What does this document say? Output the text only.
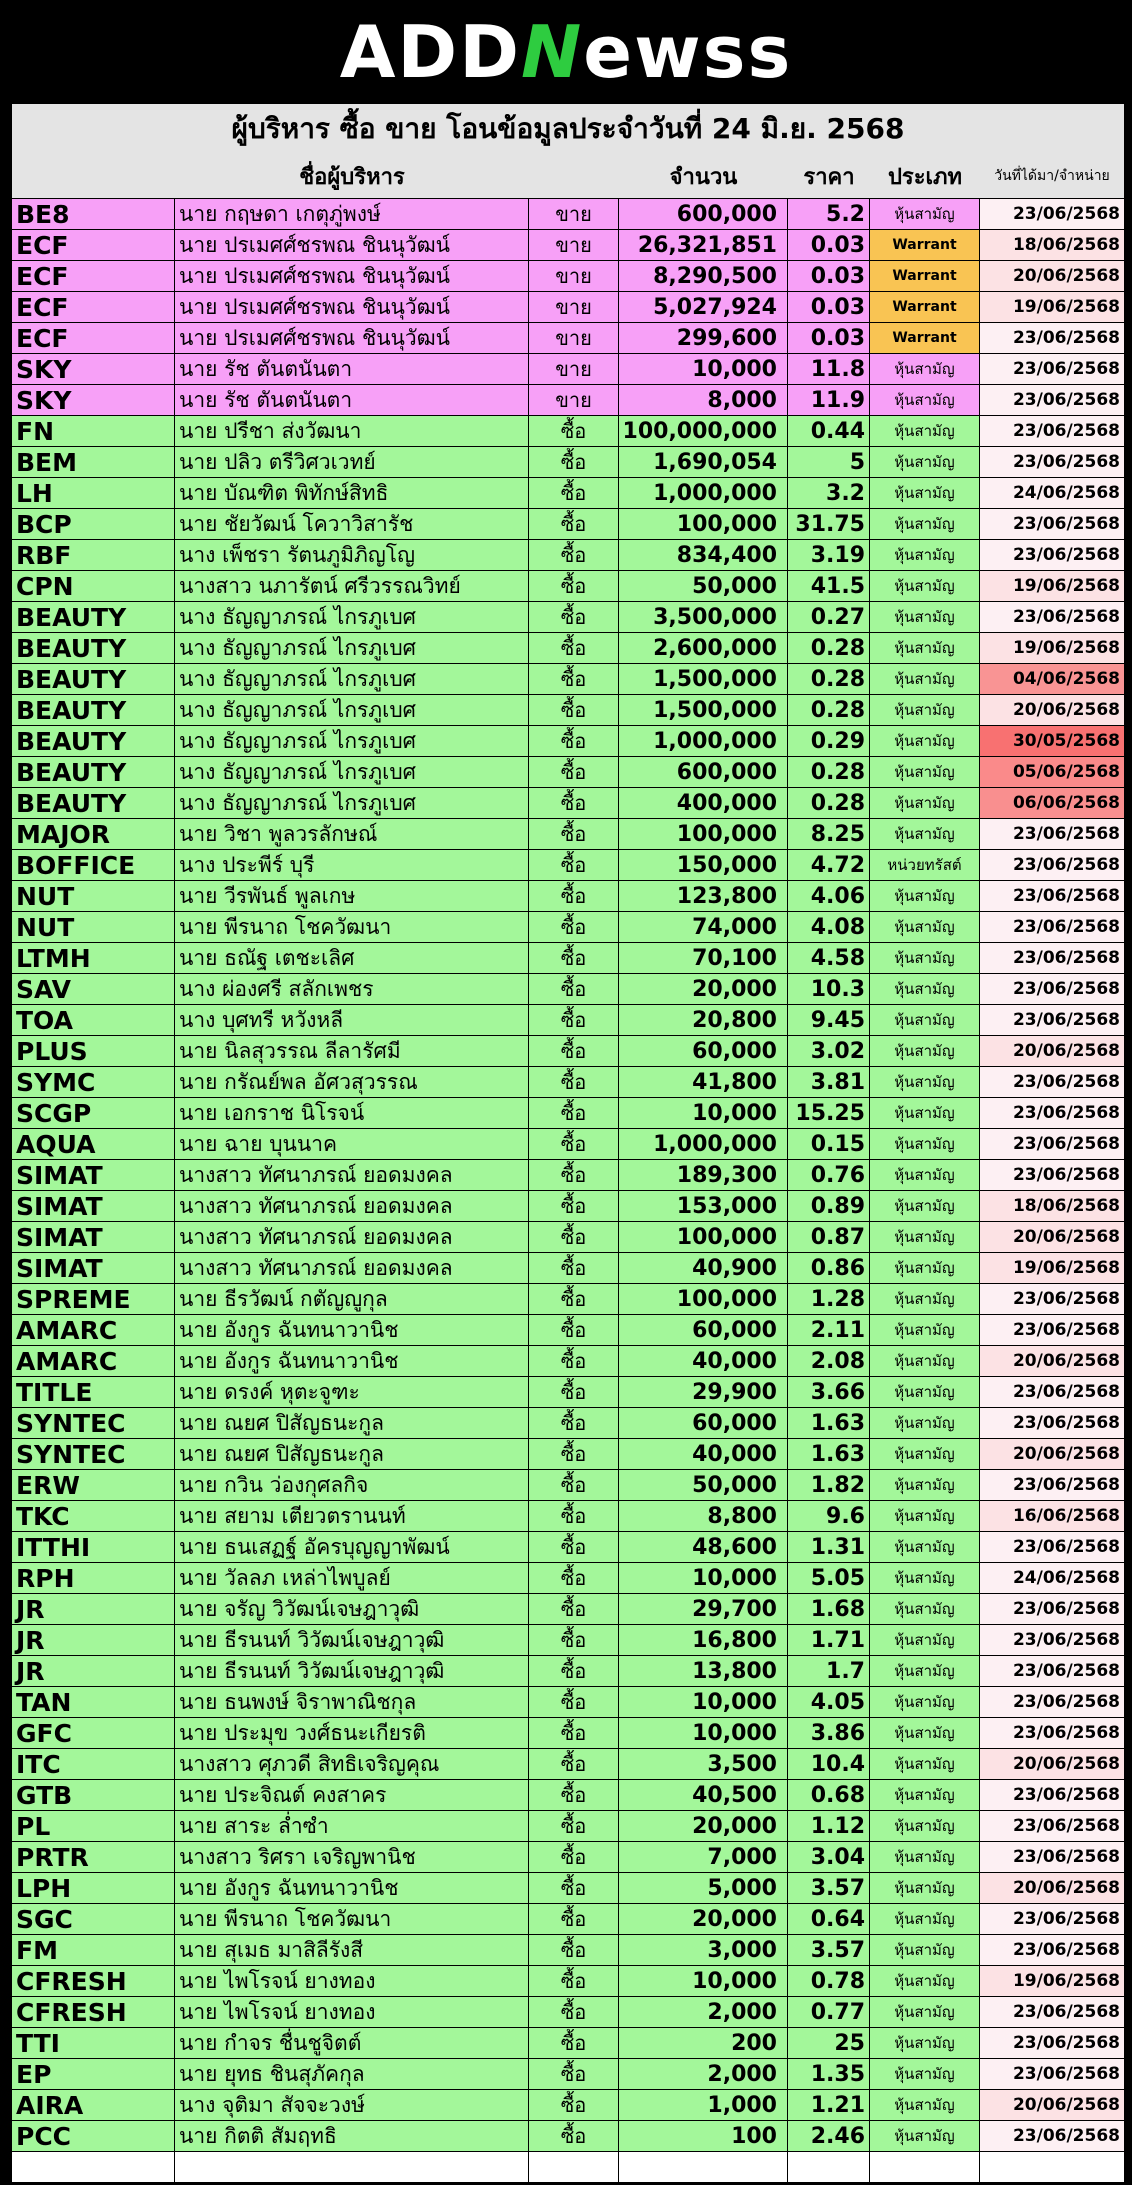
ADDNewss
ผู้บริหาร ซื้อ ขาย โอนข้อมูลประจำวันที่ 24 มิ.ย. 2568
ชื่อผู้บริหาร	จำนวน	ราคา	ประเภท	วันที่ได้มา/จำหน่าย
BE8	นาย กฤษดา เกตุภู่พงษ์	ขาย	600,000	5.2	หุ้นสามัญ	23/06/2568
ECF	นาย ปรเมศศ์ชรพณ ชินนุวัฒน์	ขาย	26,321,851	0.03	Warrant	18/06/2568
ECF	นาย ปรเมศศ์ชรพณ ชินนุวัฒน์	ขาย	8,290,500	0.03	Warrant	20/06/2568
ECF	นาย ปรเมศศ์ชรพณ ชินนุวัฒน์	ขาย	5,027,924	0.03	Warrant	19/06/2568
ECF	นาย ปรเมศศ์ชรพณ ชินนุวัฒน์	ขาย	299,600	0.03	Warrant	23/06/2568
SKY	นาย รัช ตันตนันตา	ขาย	10,000	11.8	หุ้นสามัญ	23/06/2568
SKY	นาย รัช ตันตนันตา	ขาย	8,000	11.9	หุ้นสามัญ	23/06/2568
FN	นาย ปรีชา ส่งวัฒนา	ซื้อ	100,000,000	0.44	หุ้นสามัญ	23/06/2568
BEM	นาย ปลิว ตรีวิศวเวทย์	ซื้อ	1,690,054	5	หุ้นสามัญ	23/06/2568
LH	นาย บัณฑิต พิทักษ์สิทธิ	ซื้อ	1,000,000	3.2	หุ้นสามัญ	24/06/2568
BCP	นาย ชัยวัฒน์ โควาวิสารัช	ซื้อ	100,000 31.75	หุ้นสามัญ	23/06/2568
RBF	นาง เพ็ชรา รัตนภูมิภิญโญ	ซื้อ	834,400	3.19	หุ้นสามัญ	23/06/2568
CPN	นางสาว นภารัตน์ ศรีวรรณวิทย์	ซื้อ	50,000	41.5	หุ้นสามัญ	19/06/2568
BEAUTY	นาง ธัญญาภรณ์ ไกรภูเบศ	ซื้อ	3,500,000	0.27	หุ้นสามัญ	23/06/2568
BEAUTY	นาง ธัญญาภรณ์ ไกรภูเบศ	ซื้อ	2,600,000	0.28	หุ้นสามัญ	19/06/2568
BEAUTY	นาง ธัญญาภรณ์ ไกรภูเบศ	ซื้อ	1,500,000	0.28	หุ้นสามัญ	04/06/2568
BEAUTY	นาง ธัญญาภรณ์ ไกรภูเบศ	ซื้อ	1,500,000	0.28	หุ้นสามัญ	20/06/2568
BEAUTY	นาง ธัญญาภรณ์ ไกรภูเบศ	ซื้อ	1,000,000	0.29	หุ้นสามัญ	30/05/2568
BEAUTY	นาง ธัญญาภรณ์ ไกรภูเบศ	ซื้อ	600,000	0.28	หุ้นสามัญ	05/06/2568
BEAUTY	นาง ธัญญาภรณ์ ไกรภูเบศ	ซื้อ	400,000	0.28	หุ้นสามัญ	06/06/2568
MAJOR	นาย วิชา พูลวรลักษณ์	ซื้อ	100,000	8.25	หุ้นสามัญ	23/06/2568
BOFFICE	นาง ประพีร์ บุรี	ซื้อ	150,000	4.72	หน่วยทรัสต์	23/06/2568
NUT	นาย วีรพันธ์ พูลเกษ	ซื้อ	123,800	4.06	หุ้นสามัญ	23/06/2568
NUT	นาย พีรนาถ โชควัฒนา	ซื้อ	74,000	4.08	หุ้นสามัญ	23/06/2568
LTMH	นาย ธณัฐ เตชะเลิศ	ซื้อ	70,100	4.58	หุ้นสามัญ	23/06/2568
SAV	นาง ผ่องศรี สลักเพชร	ซื้อ	20,000	10.3	หุ้นสามัญ	23/06/2568
TOA	นาง บุศทรี หวังหลี	ซื้อ	20,800	9.45	หุ้นสามัญ	23/06/2568
PLUS	นาย นิลสุวรรณ ลีลารัศมี	ซื้อ	60,000	3.02	หุ้นสามัญ	20/06/2568
SYMC	นาย กรัณย์พล อัศวสุวรรณ	ซื้อ	41,800	3.81	หุ้นสามัญ	23/06/2568
SCGP	นาย เอกราช นิโรจน์	ซื้อ	10,000 15.25	หุ้นสามัญ	23/06/2568
AQUA	นาย ฉาย บุนนาค	ซื้อ	1,000,000	0.15	หุ้นสามัญ	23/06/2568
SIMAT	นางสาว ทัศนาภรณ์ ยอดมงคล	ซื้อ	189,300	0.76	หุ้นสามัญ	23/06/2568
SIMAT	นางสาว ทัศนาภรณ์ ยอดมงคล	ซื้อ	153,000	0.89	หุ้นสามัญ	18/06/2568
SIMAT	นางสาว ทัศนาภรณ์ ยอดมงคล	ซื้อ	100,000	0.87	หุ้นสามัญ	20/06/2568
SIMAT	นางสาว ทัศนาภรณ์ ยอดมงคล	ซื้อ	40,900	0.86	หุ้นสามัญ	19/06/2568
SPREME	นาย ธีรวัฒน์ กตัญญูกุล	ซื้อ	100,000	1.28	หุ้นสามัญ	23/06/2568
AMARC	นาย อังกูร ฉันทนาวานิช	ซื้อ	60,000	2.11	หุ้นสามัญ	23/06/2568
AMARC	นาย อังกูร ฉันทนาวานิช	ซื้อ	40,000	2.08	หุ้นสามัญ	20/06/2568
TITLE	นาย ดรงค์ หุตะจูฑะ	ซื้อ	29,900	3.66	หุ้นสามัญ	23/06/2568
SYNTEC	นาย ณยศ ปิสัญธนะกูล	ซื้อ	60,000	1.63	หุ้นสามัญ	23/06/2568
SYNTEC	นาย ณยศ ปิสัญธนะกูล	ซื้อ	40,000	1.63	หุ้นสามัญ	20/06/2568
ERW	นาย กวิน ว่องกุศลกิจ	ซื้อ	50,000	1.82	หุ้นสามัญ	23/06/2568
TKC	นาย สยาม เตียวตรานนท์	ซื้อ	8,800	9.6	หุ้นสามัญ	16/06/2568
ITTHI	นาย ธนเสฏฐ์ อัครบุญญาพัฒน์	ซื้อ	48,600	1.31	หุ้นสามัญ	23/06/2568
RPH	นาย วัลลภ เหล่าไพบูลย์	ซื้อ	10,000	5.05	หุ้นสามัญ	24/06/2568
JR	นาย จรัญ วิวัฒน์เจษฎาวุฒิ	ซื้อ	29,700	1.68	หุ้นสามัญ	23/06/2568
JR	นาย ธีรนนท์ วิวัฒน์เจษฎาวุฒิ	ซื้อ	16,800	1.71	หุ้นสามัญ	23/06/2568
JR	นาย ธีรนนท์ วิวัฒน์เจษฎาวุฒิ	ซื้อ	13,800	1.7	หุ้นสามัญ	23/06/2568
TAN	นาย ธนพงษ์ จิราพาณิชกุล	ซื้อ	10,000	4.05	หุ้นสามัญ	23/06/2568
GFC	นาย ประมุข วงศ์ธนะเกียรติ	ซื้อ	10,000	3.86	หุ้นสามัญ	23/06/2568
ITC	นางสาว ศุภวดี สิทธิเจริญคุณ	ซื้อ	3,500	10.4	หุ้นสามัญ	20/06/2568
GTB	นาย ประจิณต์ คงสาคร	ซื้อ	40,500	0.68	หุ้นสามัญ	23/06/2568
PL	นาย สาระ ล่ำซำ	ซื้อ	20,000	1.12	หุ้นสามัญ	23/06/2568
PRTR	นางสาว ริศรา เจริญพานิช	ซื้อ	7,000	3.04	หุ้นสามัญ	23/06/2568
LPH	นาย อังกูร ฉันทนาวานิช	ซื้อ	5,000	3.57	หุ้นสามัญ	20/06/2568
SGC	นาย พีรนาถ โชควัฒนา	ซื้อ	20,000	0.64	หุ้นสามัญ	23/06/2568
FM	นาย สุเมธ มาสิลีรังสี	ซื้อ	3,000	3.57	หุ้นสามัญ	23/06/2568
CFRESH	นาย ไพโรจน์ ยางทอง	ซื้อ	10,000	0.78	หุ้นสามัญ	19/06/2568
CFRESH	นาย ไพโรจน์ ยางทอง	ซื้อ	2,000	0.77	หุ้นสามัญ	23/06/2568
TTI	นาย กำจร ชื่นชูจิตต์	ซื้อ	200	25	หุ้นสามัญ	23/06/2568
EP	นาย ยุทธ ชินสุภัคกุล	ซื้อ	2,000	1.35	หุ้นสามัญ	23/06/2568
AIRA	นาง จุติมา สัจจะวงษ์	ซื้อ	1,000	1.21	หุ้นสามัญ	20/06/2568
PCC	นาย กิตติ สัมฤทธิ	ซื้อ	100	2.46	หุ้นสามัญ	23/06/2568
